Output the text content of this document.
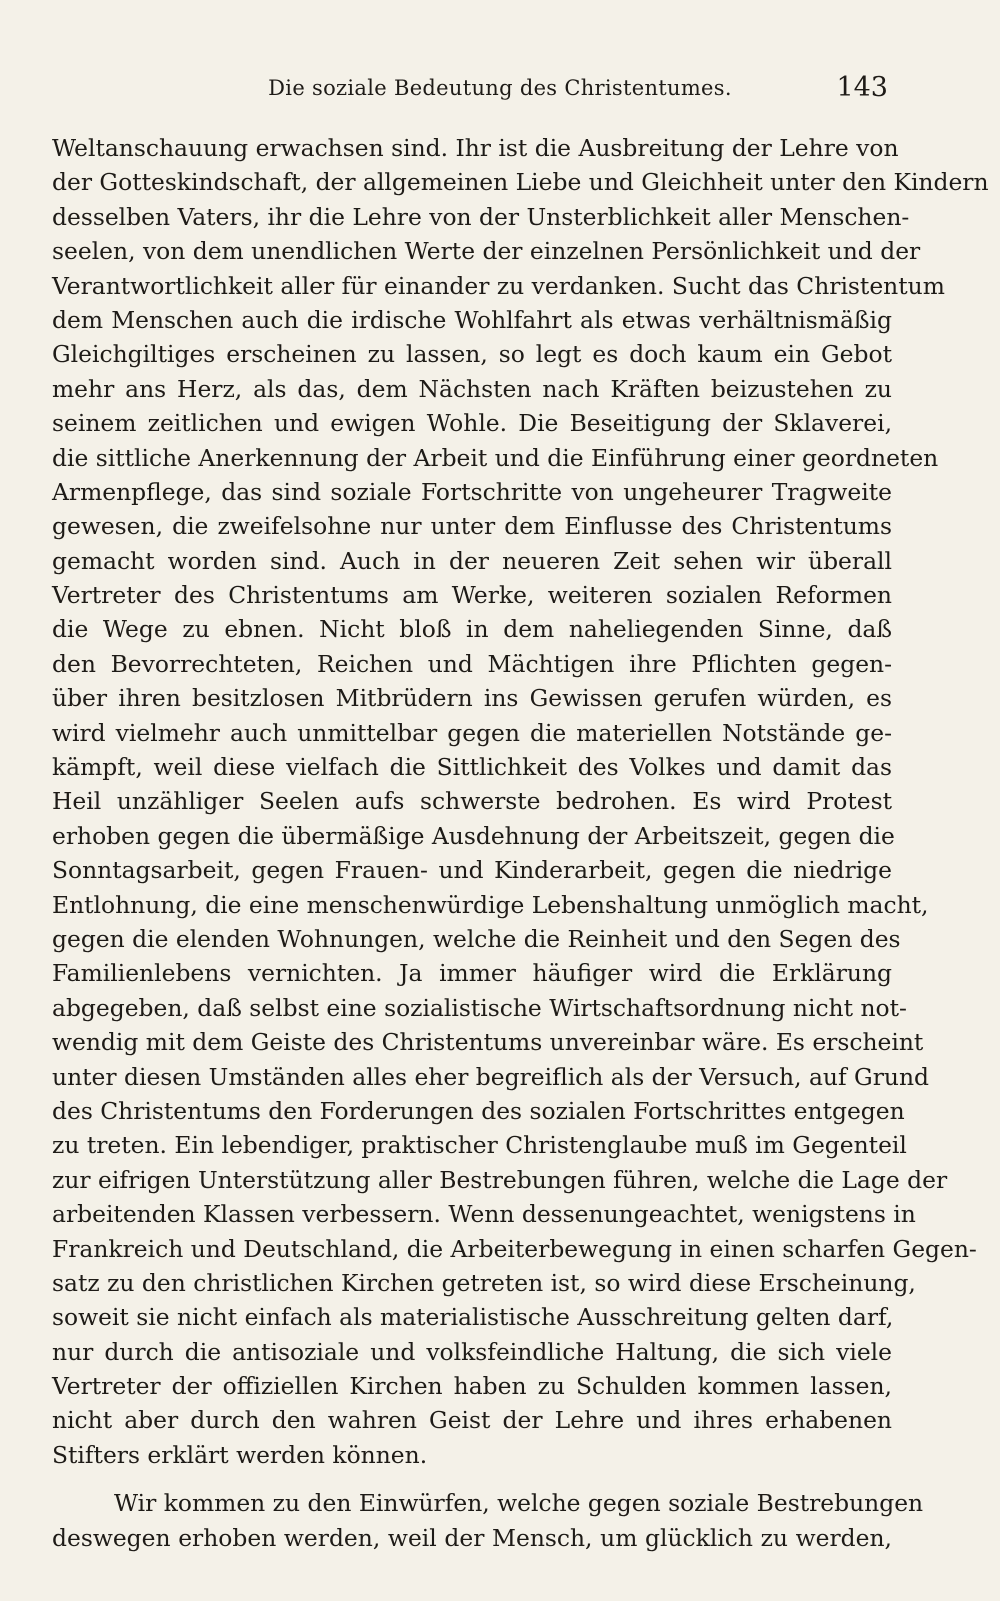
Die soziale Bedeutung des Christentumes.	143
Weltanschauung erwachsen sind. Ihr ist die Ausbreitung der Lehre von
der Gotteskindschaft, der allgemeinen Liebe und Gleichheit unter den Kindern
desselben Vaters, ihr die Lehre von der Unsterblichkeit aller Menschen-
seelen, von dem unendlichen Werte der einzelnen Persönlichkeit und der
Verantwortlichkeit aller für einander zu verdanken. Sucht das Christentum
dem Menschen auch die irdische Wohlfahrt als etwas verhältnismäßig
Gleichgiltiges erscheinen zu lassen, so legt es doch kaum ein Gebot
mehr ans Herz, als das, dem Nächsten nach Kräften beizustehen zu
seinem zeitlichen und ewigen Wohle. Die Beseitigung der Sklaverei,
die sittliche Anerkennung der Arbeit und die Einführung einer geordneten
Armenpflege, das sind soziale Fortschritte von ungeheurer Tragweite
gewesen, die zweifelsohne nur unter dem Einflusse des Christentums
gemacht worden sind. Auch in der neueren Zeit sehen wir überall
Vertreter des Christentums am Werke, weiteren sozialen Reformen
die Wege zu ebnen. Nicht bloß in dem naheliegenden Sinne, daß
den Bevorrechteten, Reichen und Mächtigen ihre Pflichten gegen-
über ihren besitzlosen Mitbrüdern ins Gewissen gerufen würden, es
wird vielmehr auch unmittelbar gegen die materiellen Notstände ge-
kämpft, weil diese vielfach die Sittlichkeit des Volkes und damit das
Heil unzähliger Seelen aufs schwerste bedrohen. Es wird Protest
erhoben gegen die übermäßige Ausdehnung der Arbeitszeit, gegen die
Sonntagsarbeit, gegen Frauen- und Kinderarbeit, gegen die niedrige
Entlohnung, die eine menschenwürdige Lebenshaltung unmöglich macht,
gegen die elenden Wohnungen, welche die Reinheit und den Segen des
Familienlebens vernichten. Ja immer häufiger wird die Erklärung
abgegeben, daß selbst eine sozialistische Wirtschaftsordnung nicht not-
wendig mit dem Geiste des Christentums unvereinbar wäre. Es erscheint
unter diesen Umständen alles eher begreiflich als der Versuch, auf Grund
des Christentums den Forderungen des sozialen Fortschrittes entgegen
zu treten. Ein lebendiger, praktischer Christenglaube muß im Gegenteil
zur eifrigen Unterstützung aller Bestrebungen führen, welche die Lage der
arbeitenden Klassen verbessern. Wenn dessenungeachtet, wenigstens in
Frankreich und Deutschland, die Arbeiterbewegung in einen scharfen Gegen-
satz zu den christlichen Kirchen getreten ist, so wird diese Erscheinung,
soweit sie nicht einfach als materialistische Ausschreitung gelten darf,
nur durch die antisoziale und volksfeindliche Haltung, die sich viele
Vertreter der offiziellen Kirchen haben zu Schulden kommen lassen,
nicht aber durch den wahren Geist der Lehre und ihres erhabenen
Stifters erklärt werden können.
Wir kommen zu den Einwürfen, welche gegen soziale Bestrebungen
deswegen erhoben werden, weil der Mensch, um glücklich zu werden,
